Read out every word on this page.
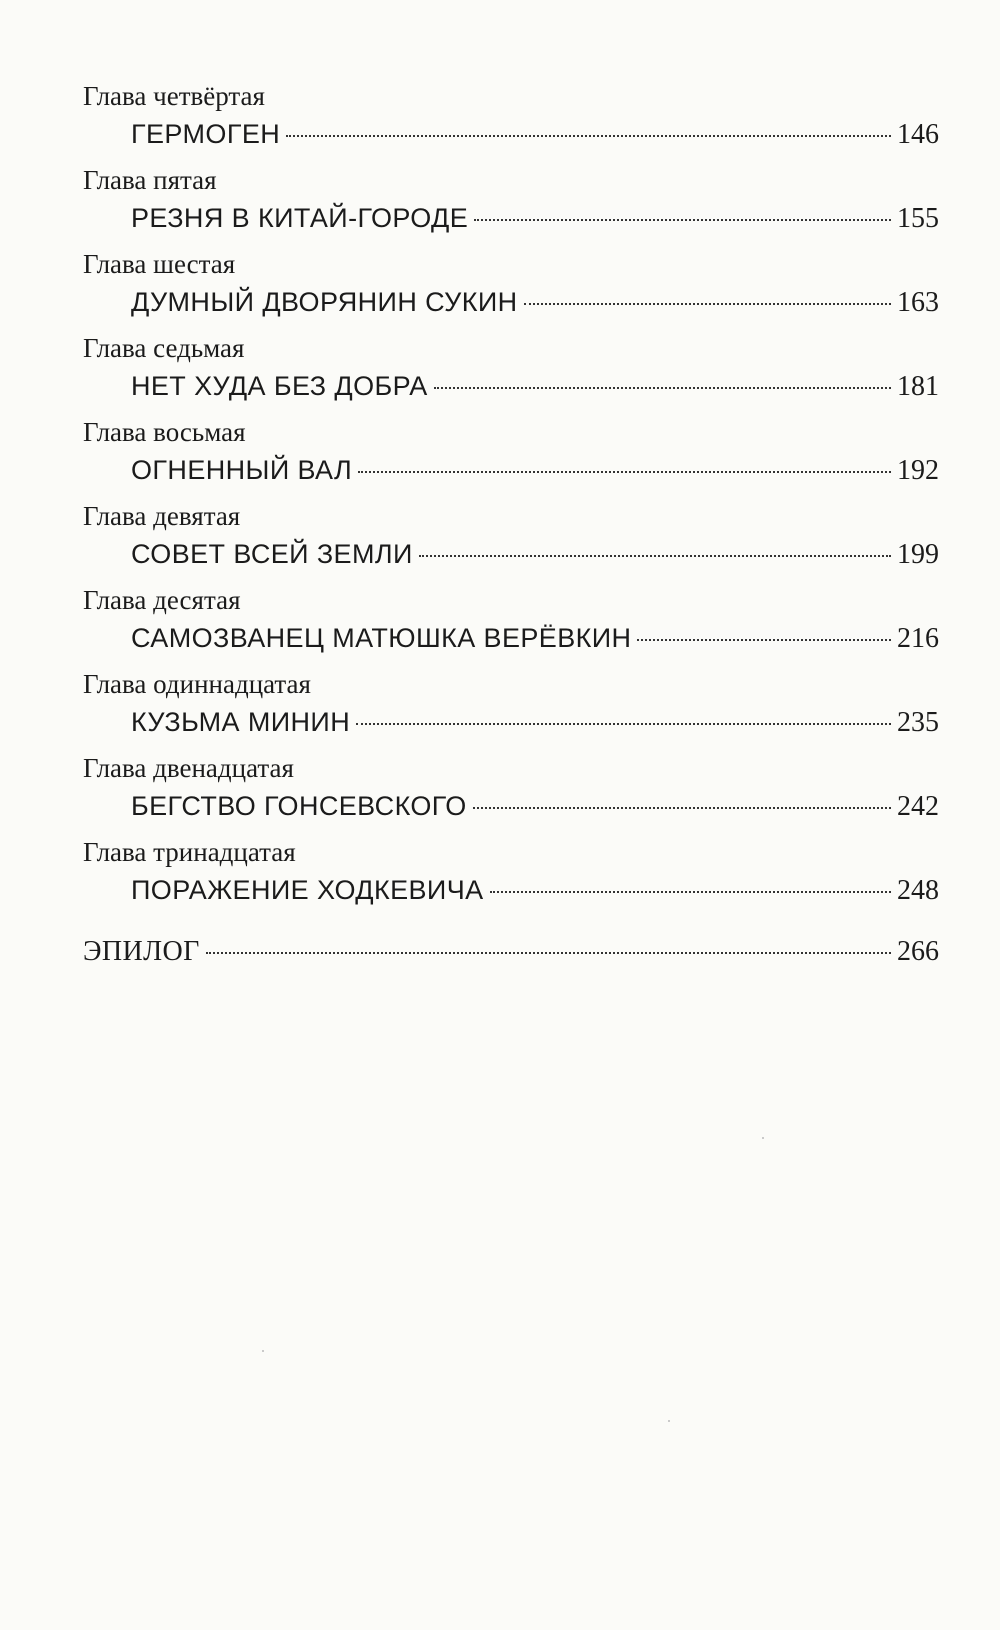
Глава четвёртая
ГЕРМОГЕН	146
Глава пятая
РЕЗНЯ В КИТАЙ-ГОРОДЕ	155
Глава шестая
ДУМНЫЙ ДВОРЯНИН СУКИН	163
Глава седьмая
НЕТ ХУДА БЕЗ ДОБРА	181
Глава восьмая
ОГНЕННЫЙ ВАЛ	192
Глава девятая
СОВЕТ ВСЕЙ ЗЕМЛИ	199
Глава десятая
САМОЗВАНЕЦ МАТЮШКА ВЕРЁВКИН	216
Глава одиннадцатая
КУЗЬМА МИНИН	235
Глава двенадцатая
БЕГСТВО ГОНСЕВСКОГО	242
Глава тринадцатая
ПОРАЖЕНИЕ ХОДКЕВИЧА	248
ЭПИЛОГ	266
